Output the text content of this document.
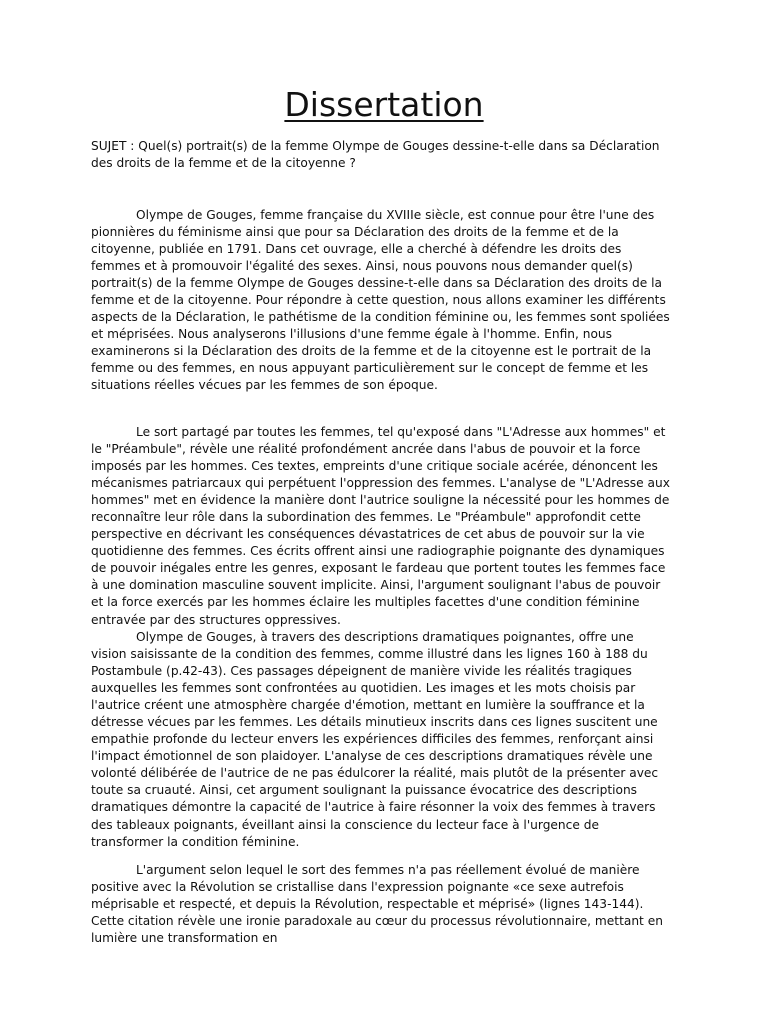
Dissertation

SUJET : Quel(s) portrait(s) de la femme Olympe de Gouges dessine-t-elle dans sa Déclaration des droits de la femme et de la citoyenne ?

Olympe de Gouges, femme française du XVIIIe siècle, est connue pour être l'une des pionnières du féminisme ainsi que pour sa Déclaration des droits de la femme et de la citoyenne, publiée en 1791. Dans cet ouvrage, elle a cherché à défendre les droits des femmes et à promouvoir l'égalité des sexes. Ainsi, nous pouvons nous demander quel(s) portrait(s) de la femme Olympe de Gouges dessine-t-elle dans sa Déclaration des droits de la femme et de la citoyenne. Pour répondre à cette question, nous allons examiner les différents aspects de la Déclaration, le pathétisme de la condition féminine ou, les femmes sont spoliées et méprisées. Nous analyserons l'illusions d'une femme égale à l'homme. Enfin, nous examinerons si la Déclaration des droits de la femme et de la citoyenne est le portrait de la femme ou des femmes, en nous appuyant particulièrement sur le concept de femme et les situations réelles vécues par les femmes de son époque.

Le sort partagé par toutes les femmes, tel qu'exposé dans "L'Adresse aux hommes" et le "Préambule", révèle une réalité profondément ancrée dans l'abus de pouvoir et la force imposés par les hommes. Ces textes, empreints d'une critique sociale acérée, dénoncent les mécanismes patriarcaux qui perpétuent l'oppression des femmes. L'analyse de "L'Adresse aux hommes" met en évidence la manière dont l'autrice souligne la nécessité pour les hommes de reconnaître leur rôle dans la subordination des femmes. Le "Préambule" approfondit cette perspective en décrivant les conséquences dévastatrices de cet abus de pouvoir sur la vie quotidienne des femmes. Ces écrits offrent ainsi une radiographie poignante des dynamiques de pouvoir inégales entre les genres, exposant le fardeau que portent toutes les femmes face à une domination masculine souvent implicite. Ainsi, l'argument soulignant l'abus de pouvoir et la force exercés par les hommes éclaire les multiples facettes d'une condition féminine entravée par des structures oppressives.

Olympe de Gouges, à travers des descriptions dramatiques poignantes, offre une vision saisissante de la condition des femmes, comme illustré dans les lignes 160 à 188 du Postambule (p.42-43). Ces passages dépeignent de manière vivide les réalités tragiques auxquelles les femmes sont confrontées au quotidien. Les images et les mots choisis par l'autrice créent une atmosphère chargée d'émotion, mettant en lumière la souffrance et la détresse vécues par les femmes. Les détails minutieux inscrits dans ces lignes suscitent une empathie profonde du lecteur envers les expériences difficiles des femmes, renforçant ainsi l'impact émotionnel de son plaidoyer. L'analyse de ces descriptions dramatiques révèle une volonté délibérée de l'autrice de ne pas édulcorer la réalité, mais plutôt de la présenter avec toute sa cruauté. Ainsi, cet argument soulignant la puissance évocatrice des descriptions dramatiques démontre la capacité de l'autrice à faire résonner la voix des femmes à travers des tableaux poignants, éveillant ainsi la conscience du lecteur face à l'urgence de transformer la condition féminine.

L'argument selon lequel le sort des femmes n'a pas réellement évolué de manière positive avec la Révolution se cristallise dans l'expression poignante «ce sexe autrefois méprisable et respecté, et depuis la Révolution, respectable et méprisé» (lignes 143-144). Cette citation révèle une ironie paradoxale au cœur du processus révolutionnaire, mettant en lumière une transformation en
